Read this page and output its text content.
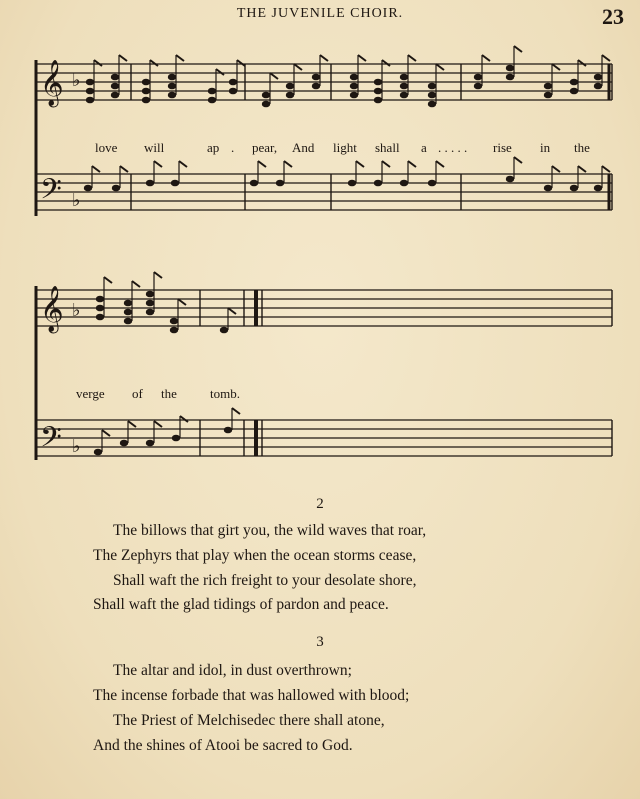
THE JUVENILE CHOIR.	23
𝄞
𝄢
𝄞
𝄢
♭
♭
♭
♭
love will	ap . pear, And light shall a . . . . . rise in the
verge of the	tomb.
2
The billows that girt you, the wild waves that roar,
The Zephyrs that play when the ocean storms cease,
Shall waft the rich freight to your desolate shore,
Shall waft the glad tidings of pardon and peace.
3
The altar and idol, in dust overthrown;
The incense forbade that was hallowed with blood;
The Priest of Melchisedec there shall atone,
And the shines of Atooi be sacred to God.
